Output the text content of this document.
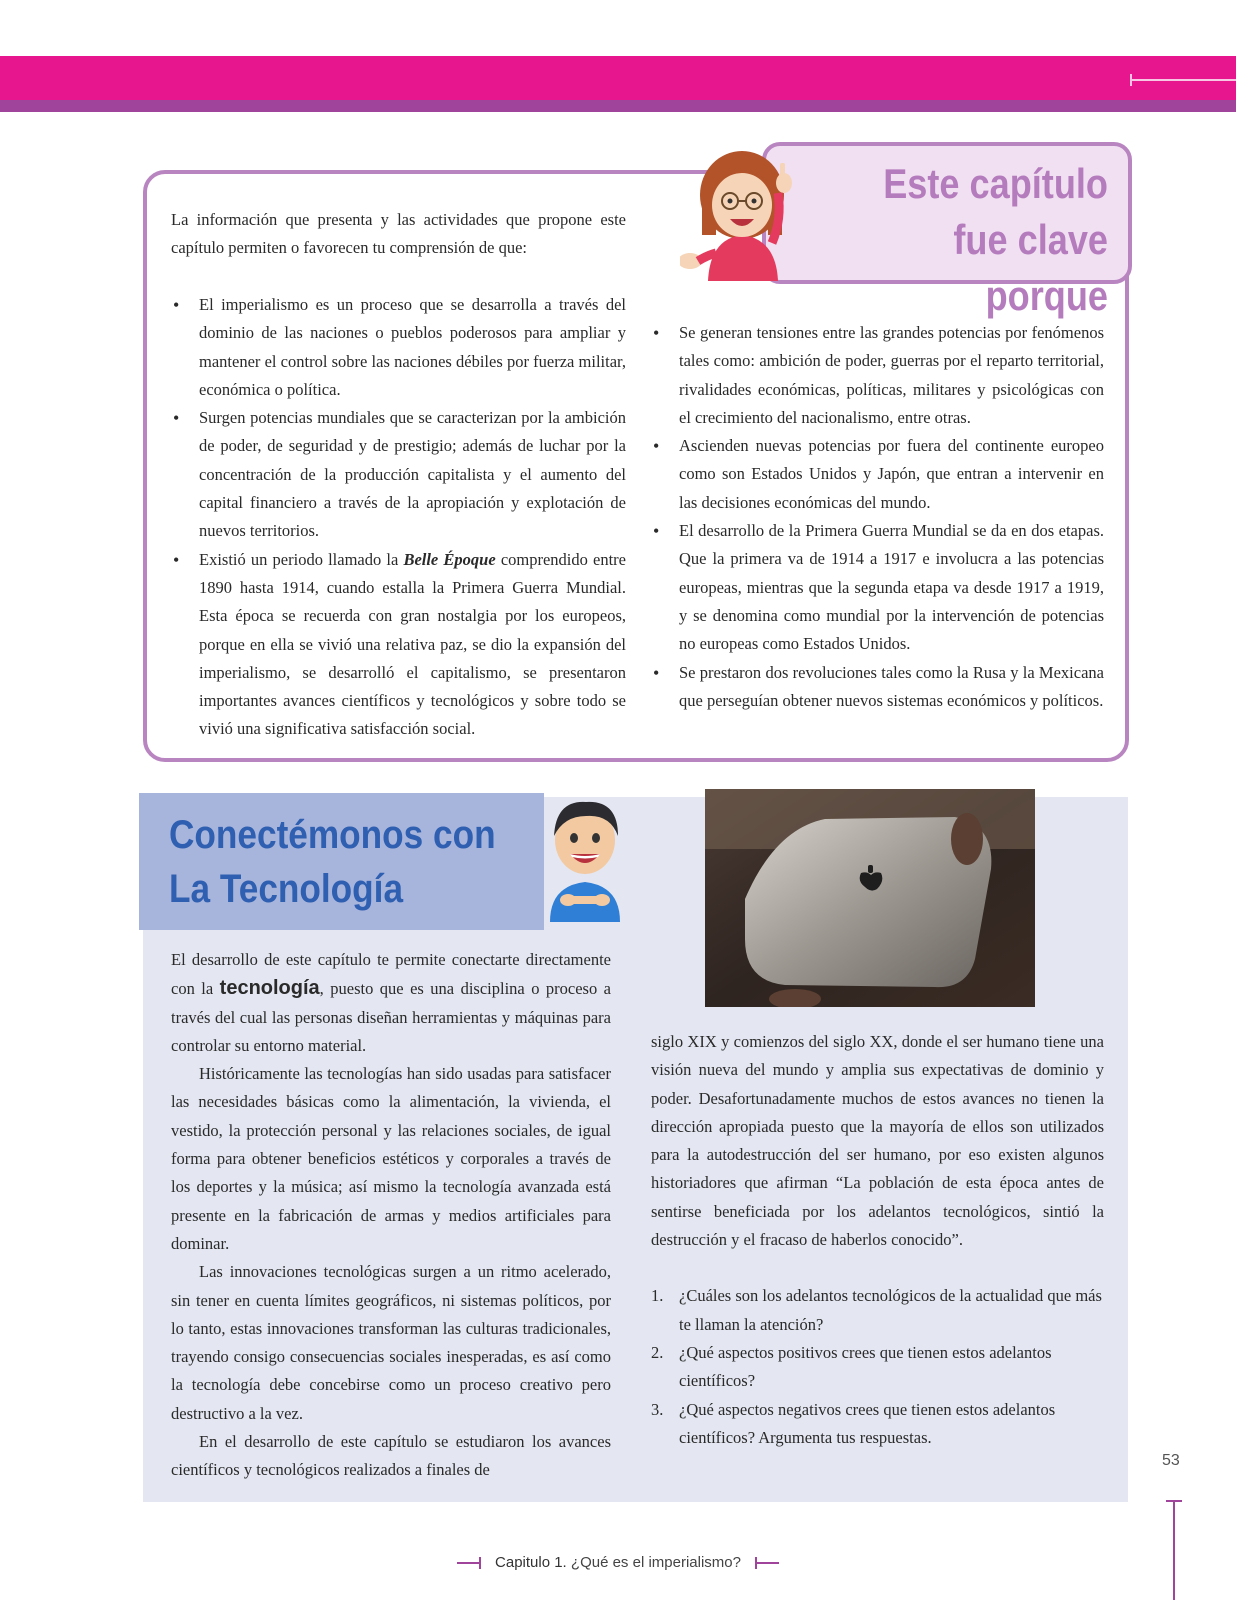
Este capítulo
fue clave porque
La información que presenta y las actividades que propone este capítulo permiten o favorecen tu comprensión de que:
• El imperialismo es un proceso que se desarrolla a través del dominio de las naciones o pueblos poderosos para ampliar y mantener el control sobre las naciones débiles por fuerza militar, económica o política.
• Surgen potencias mundiales que se caracterizan por la ambición de poder, de seguridad y de prestigio; además de luchar por la concentración de la producción capitalista y el aumento del capital financiero a través de la apropiación y explotación de nuevos territorios.
• Existió un periodo llamado la Belle Époque comprendido entre 1890 hasta 1914, cuando estalla la Primera Guerra Mundial. Esta época se recuerda con gran nostalgia por los europeos, porque en ella se vivió una relativa paz, se dio la expansión del imperialismo, se desarrolló el capitalismo, se presentaron importantes avances científicos y tecnológicos y sobre todo se vivió una significativa satisfacción social.
• Se generan tensiones entre las grandes potencias por fenómenos tales como: ambición de poder, guerras por el reparto territorial, rivalidades económicas, políticas, militares y psicológicas con el crecimiento del nacionalismo, entre otras.
• Ascienden nuevas potencias por fuera del continente europeo como son Estados Unidos y Japón, que entran a intervenir en las decisiones económicas del mundo.
• El desarrollo de la Primera Guerra Mundial se da en dos etapas. Que la primera va de 1914 a 1917 e involucra a las potencias europeas, mientras que la segunda etapa va desde 1917 a 1919, y se denomina como mundial por la intervención de potencias no europeas como Estados Unidos.
• Se prestaron dos revoluciones tales como la Rusa y la Mexicana que perseguían obtener nuevos sistemas económicos y políticos.
Conectémonos con
La Tecnología

El desarrollo de este capítulo te permite conectarte directamente con la tecnología, puesto que es una disciplina o proceso a través del cual las personas diseñan herramientas y máquinas para controlar su entorno material.

Históricamente las tecnologías han sido usadas para satisfacer las necesidades básicas como la alimentación, la vivienda, el vestido, la protección personal y las relaciones sociales, de igual forma para obtener beneficios estéticos y corporales a través de los deportes y la música; así mismo la tecnología avanzada está presente en la fabricación de armas y medios artificiales para dominar.

Las innovaciones tecnológicas surgen a un ritmo acelerado, sin tener en cuenta límites geográficos, ni sistemas políticos, por lo tanto, estas innovaciones transforman las culturas tradicionales, trayendo consigo consecuencias sociales inesperadas, es así como la tecnología debe concebirse como un proceso creativo pero destructivo a la vez.

En el desarrollo de este capítulo se estudiaron los avances científicos y tecnológicos realizados a finales de

siglo XIX y comienzos del siglo XX, donde el ser humano tiene una visión nueva del mundo y amplia sus expectativas de dominio y poder. Desafortunadamente muchos de estos avances no tienen la dirección apropiada puesto que la mayoría de ellos son utilizados para la autodestrucción del ser humano, por eso existen algunos historiadores que afirman “La población de esta época antes de sentirse beneficiada por los adelantos tecnológicos, sintió la destrucción y el fracaso de haberlos conocido”.

1. ¿Cuáles son los adelantos tecnológicos de la actualidad que más te llaman la atención?
2. ¿Qué aspectos positivos crees que tienen estos adelantos científicos?
3. ¿Qué aspectos negativos crees que tienen estos adelantos científicos? Argumenta tus respuestas.
53
Capitulo 1. ¿Qué es el imperialismo?
